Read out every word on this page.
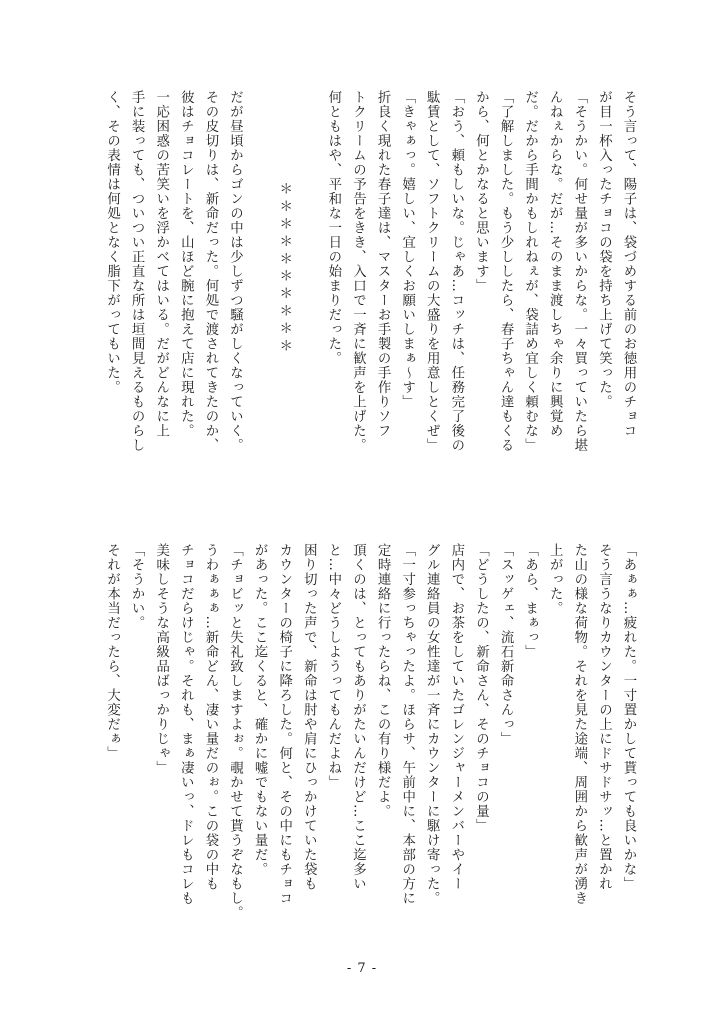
そう言って、陽子は、袋づめする前のお徳用のチョコ
が目一杯入ったチョコの袋を持ち上げて笑った。
「そうかい。何せ量が多いからな。一々買っていたら堪
んねぇからな。だが…そのまま渡しちゃ余りに興覚め
だ。だから手間かもしれねぇが、袋詰め宜しく頼むな」
「了解しました。もう少ししたら、春子ちゃん達もくる
から、何とかなると思います」
「おう、頼もしいな。じゃあ…コッチは、任務完了後の
駄賃として、ソフトクリームの大盛りを用意しとくぜ」
「きゃぁっ。嬉しい、宜しくお願いしまぁ～す」
折良く現れた春子達は、マスターお手製の手作りソフ
トクリームの予告をきき、入口で一斉に歓声を上げた。
何ともはや、平和な一日の始まりだった。
＊＊＊＊＊＊＊＊＊＊
だが昼頃からゴンの中は少しずつ騒がしくなっていく。
その皮切りは、新命だった。何処で渡されてきたのか、
彼はチョコレートを、山ほど腕に抱えて店に現れた。
一応困惑の苦笑いを浮かべてはいる。だがどんなに上
手に装っても、ついつい正直な所は垣間見えるものらし
く、その表情は何処となく脂下がってもいた。
「あぁぁ…疲れた。一寸置かして貰っても良いかな」
そう言うなりカウンターの上にドサドサッ…と置かれ
た山の様な荷物。それを見た途端、周囲から歓声が湧き
上がった。
「あら、まぁっ」
「スッゲェ、流石新命さんっ」
「どうしたの、新命さん、そのチョコの量」
店内で、お茶をしていたゴレンジャーメンバーやイー
グル連絡員の女性達が一斉にカウンターに駆け寄った。
「一寸参っちゃったよ。ほらサ、午前中に、本部の方に
定時連絡に行ったらね、この有り様だよ。
頂くのは、とってもありがたいんだけど…ここ迄多い
と…中々どうしようってもんだよね」
困り切った声で、新命は肘や肩にひっかけていた袋も
カウンターの椅子に降ろした。何と、その中にもチョコ
があった。ここ迄くると、確かに嘘でもない量だ。
「チョビッと失礼致しますよぉ。覗かせて貰うぞなもし。
うわぁぁぁ…新命どん、凄い量だのぉ。この袋の中も
チョコだらけじゃ。それも、まぁ凄いっ、ドレもコレも
美味しそうな高級品ばっかりじゃ」
「そうかい。
それが本当だったら、大変だぁ」
- 7 -
